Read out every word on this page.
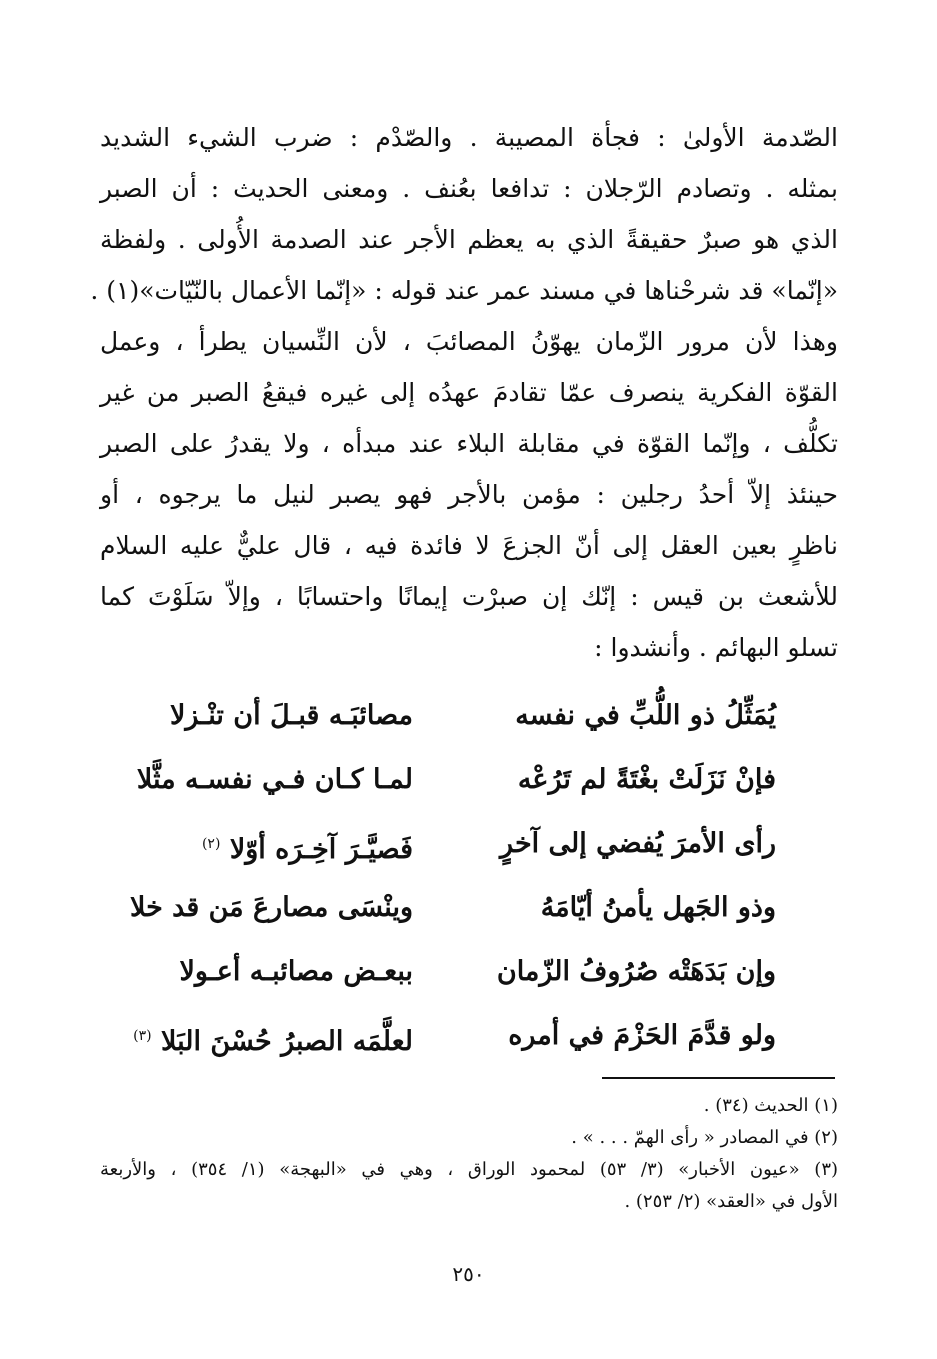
الصّدمة الأولىٰ : فجأة المصيبة . والصّدْم : ضرب الشيء الشديد
بمثله . وتصادم الرّجلان : تدافعا بعُنف . ومعنى الحديث : أن الصبر
الذي هو صبرٌ حقيقةً الذي به يعظم الأجر عند الصدمة الأُولى . ولفظة
«إنّما» قد شرحْناها في مسند عمر عند قوله : «إنّما الأعمال بالنّيّات»(١) .
وهذا لأن مرور الزّمان يهوّنُ المصائبَ ، لأن النِّسيان يطرأ ، وعمل
القوّة الفكرية ينصرف عمّا تقادمَ عهدُه إلى غيره فيقعُ الصبر من غير
تكلُّف ، وإنّما القوّة في مقابلة البلاء عند مبدأه ، ولا يقدرُ على الصبر
حينئذ إلاّ أحدُ رجلين : مؤمن بالأجر فهو يصبر لنيل ما يرجوه ، أو
ناظرٍ بعين العقل إلى أنّ الجزعَ لا فائدة فيه ، قال عليٌّ عليه السلام
للأشعث بن قيس : إنّك إن صبرْت إيمانًا واحتسابًا ، وإلاّ سَلَوْتَ كما
تسلو البهائم . وأنشدوا :
يُمَثِّلُ ذو اللُّبِّ في نفسه
مصائبَـه قبـلَ أن تنْـزلا
فإنْ نَزَلَتْ بغْتَةً لم تَرُعْه
لمـا كـان فـي نفسـه مثَّلا
رأى الأمرَ يُفضي إلى آخرٍ
فَصيَّـرَ آخِـرَه أوّلا $^{(٢)}$
وذو الجَهل يأمنُ أيّامَهُ
وينْسَى مصارعَ مَن قد خلا
وإن بَدَهَتْه صُرُوفُ الزّمان
ببعـض مصائبـه أعـولا
ولو قدَّمَ الحَزْمَ في أمره
لعلَّمَه الصبرُ حُسْنَ البَلا $^{(٣)}$
(١) الحديث (٣٤) .
(٢) في المصادر « رأى الهمّ . . . » .
(٣) «عيون الأخبار» (٣/ ٥٣) لمحمود الوراق ، وهي في «البهجة» (١/ ٣٥٤) ، والأربعة
الأول في «العقد» (٢/ ٢٥٣) .
٢٥٠
